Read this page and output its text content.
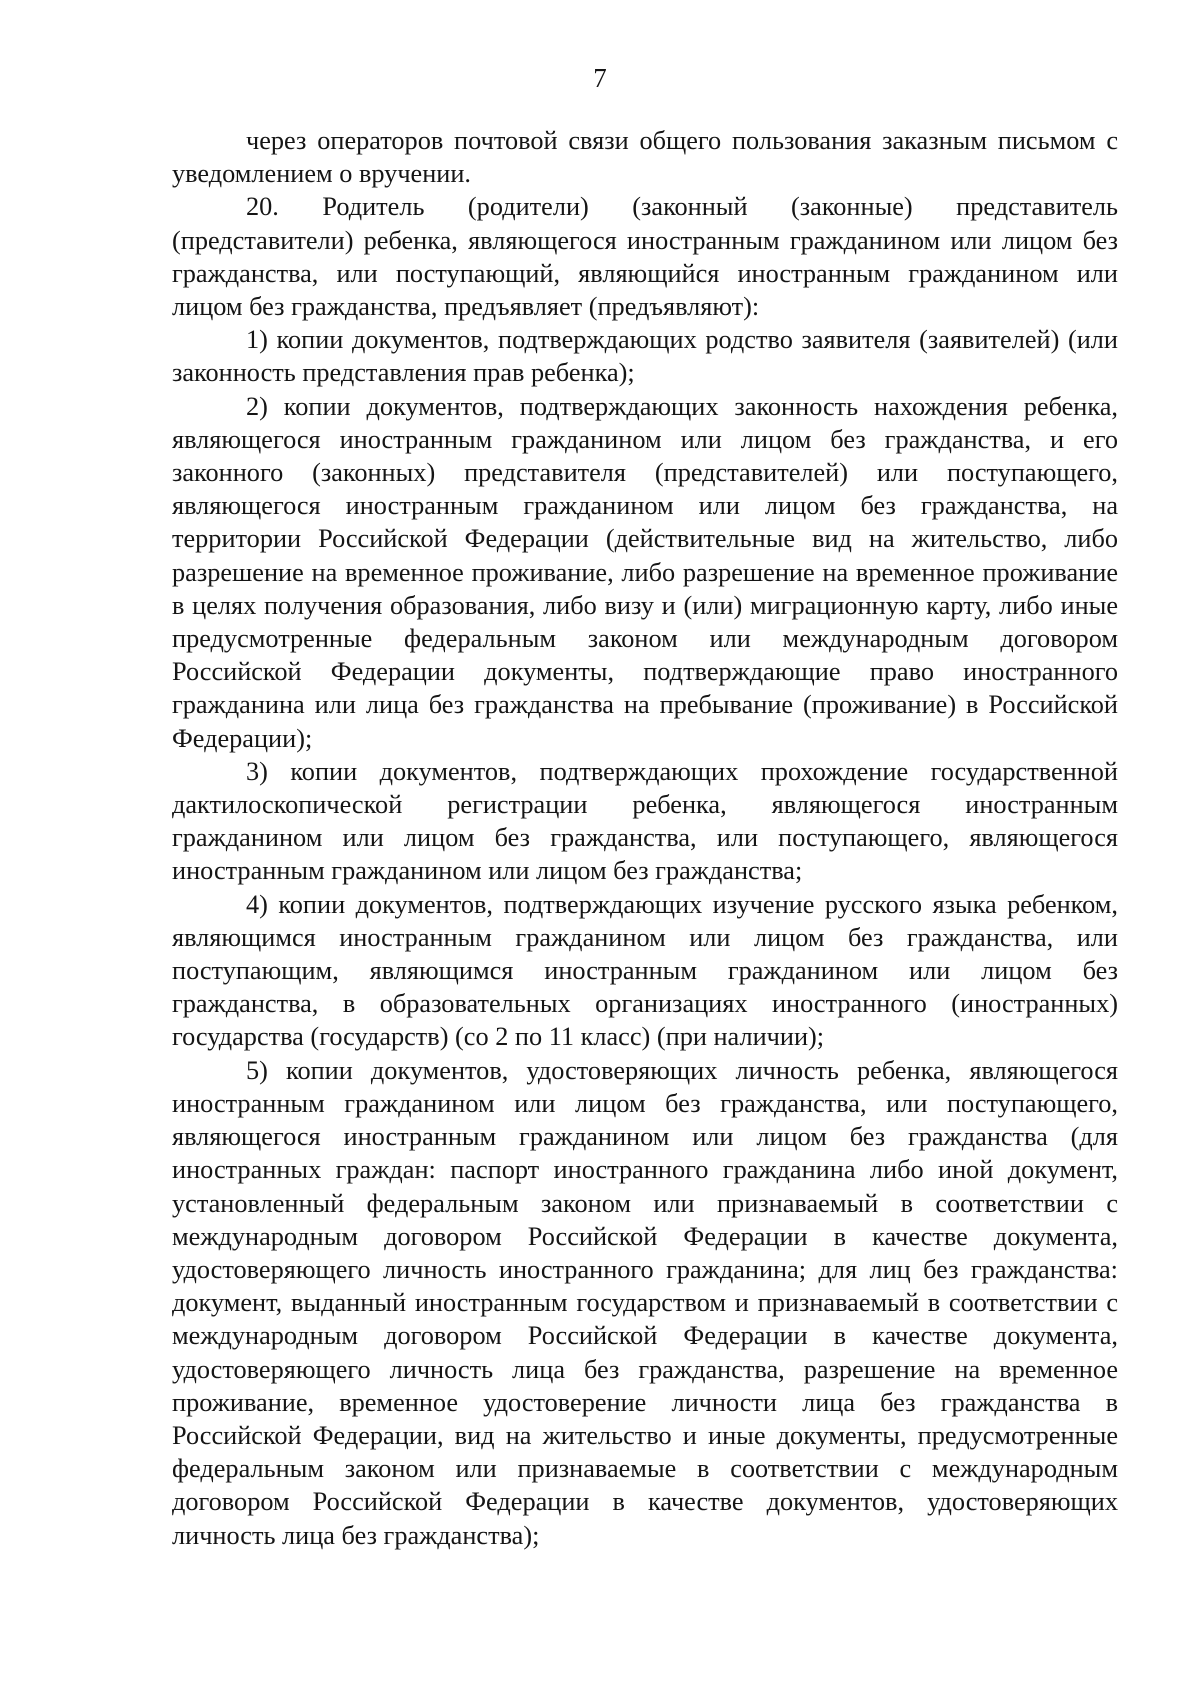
7

через операторов почтовой связи общего пользования заказным письмом с уведомлением о вручении.

20. Родитель (родители) (законный (законные) представитель (представители) ребенка, являющегося иностранным гражданином или лицом без гражданства, или поступающий, являющийся иностранным гражданином или лицом без гражданства, предъявляет (предъявляют):

1) копии документов, подтверждающих родство заявителя (заявителей) (или законность представления прав ребенка);

2) копии документов, подтверждающих законность нахождения ребенка, являющегося иностранным гражданином или лицом без гражданства, и его законного (законных) представителя (представителей) или поступающего, являющегося иностранным гражданином или лицом без гражданства, на территории Российской Федерации (действительные вид на жительство, либо разрешение на временное проживание, либо разрешение на временное проживание в целях получения образования, либо визу и (или) миграционную карту, либо иные предусмотренные федеральным законом или международным договором Российской Федерации документы, подтверждающие право иностранного гражданина или лица без гражданства на пребывание (проживание) в Российской Федерации);

3) копии документов, подтверждающих прохождение государственной дактилоскопической регистрации ребенка, являющегося иностранным гражданином или лицом без гражданства, или поступающего, являющегося иностранным гражданином или лицом без гражданства;

4) копии документов, подтверждающих изучение русского языка ребенком, являющимся иностранным гражданином или лицом без гражданства, или поступающим, являющимся иностранным гражданином или лицом без гражданства, в образовательных организациях иностранного (иностранных) государства (государств) (со 2 по 11 класс) (при наличии);

5) копии документов, удостоверяющих личность ребенка, являющегося иностранным гражданином или лицом без гражданства, или поступающего, являющегося иностранным гражданином или лицом без гражданства (для иностранных граждан: паспорт иностранного гражданина либо иной документ, установленный федеральным законом или признаваемый в соответствии с международным договором Российской Федерации в качестве документа, удостоверяющего личность иностранного гражданина; для лиц без гражданства: документ, выданный иностранным государством и признаваемый в соответствии с международным договором Российской Федерации в качестве документа, удостоверяющего личность лица без гражданства, разрешение на временное проживание, временное удостоверение личности лица без гражданства в Российской Федерации, вид на жительство и иные документы, предусмотренные федеральным законом или признаваемые в соответствии с международным договором Российской Федерации в качестве документов, удостоверяющих личность лица без гражданства);
